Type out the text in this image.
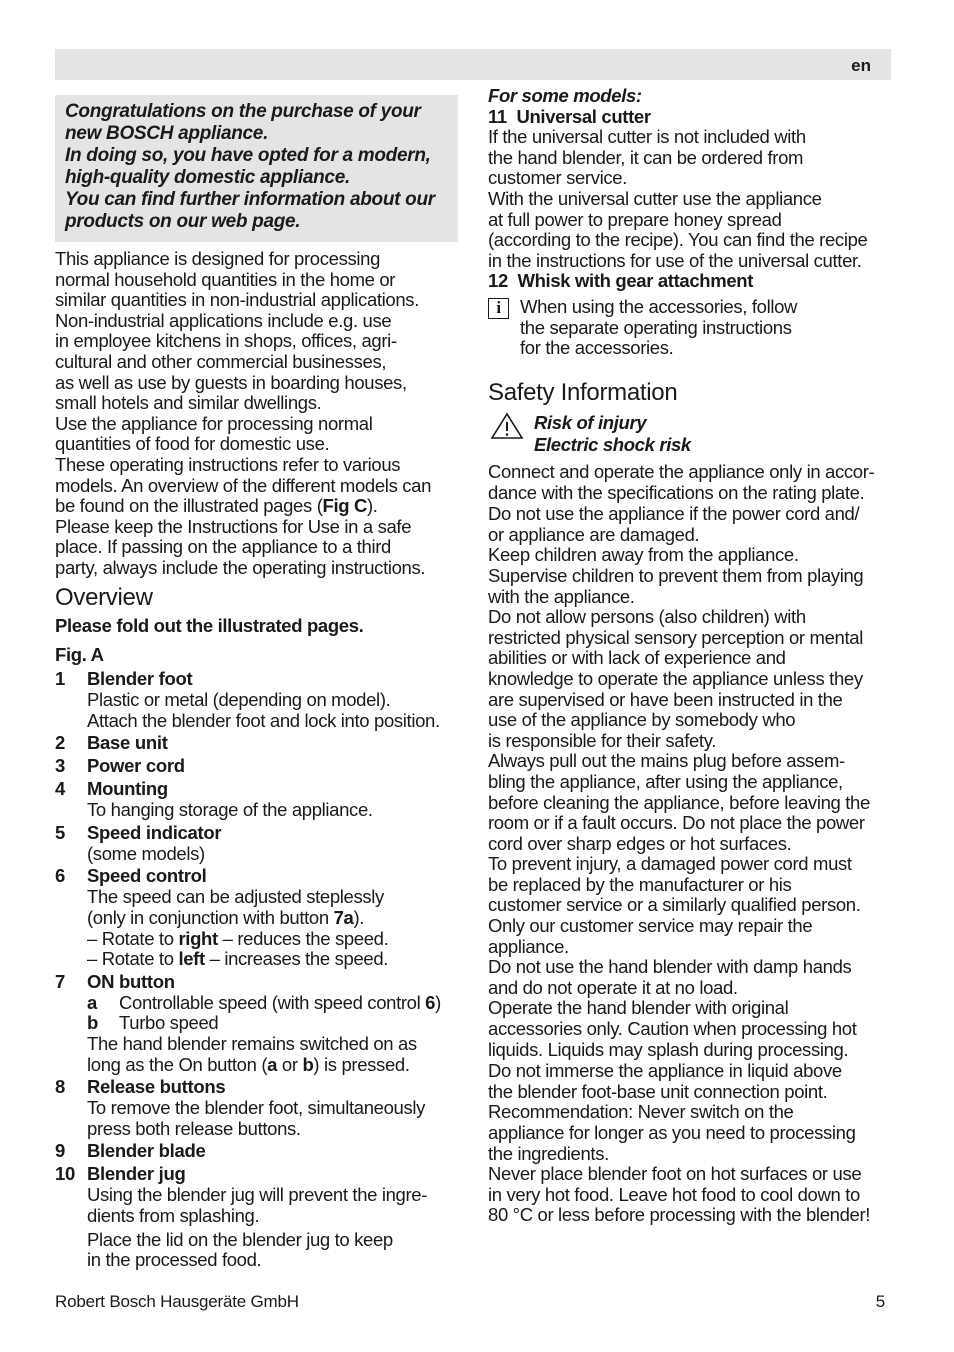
en
Congratulations on the purchase of your
new BOSCH appliance.
In doing so, you have opted for a modern,
high-quality domestic appliance.
You can find further information about our
products on our web page.
This appliance is designed for processing
normal household quantities in the home or
similar quantities in non-industrial applications.
Non-industrial applications include e.g. use
in employee kitchens in shops, offices, agri-
cultural and other commercial businesses,
as well as use by guests in boarding houses,
small hotels and similar dwellings.
Use the appliance for processing normal
quantities of food for domestic use.
These operating instructions refer to various
models. An overview of the different models can
be found on the illustrated pages (Fig C).
Please keep the Instructions for Use in a safe
place. If passing on the appliance to a third
party, always include the operating instructions.
Overview
Please fold out the illustrated pages.
Fig. A
1	Blender foot
Plastic or metal (depending on model).
Attach the blender foot and lock into position.
2	Base unit
3	Power cord
4	Mounting
To hanging storage of the appliance.
5	Speed indicator
(some models)
6	Speed control
The speed can be adjusted steplessly
(only in conjunction with button 7a).
– Rotate to right – reduces the speed.
– Rotate to left – increases the speed.
7	ON button
a	Controllable speed (with speed control 6)
b	Turbo speed
The hand blender remains switched on as
long as the On button (a or b) is pressed.
8	Release buttons
To remove the blender foot, simultaneously
press both release buttons.
9	Blender blade
10 Blender jug
Using the blender jug will prevent the ingre-
dients from splashing.
Place the lid on the blender jug to keep
in the processed food.
For some models:
11 Universal cutter
If the universal cutter is not included with
the hand blender, it can be ordered from
customer service.
With the universal cutter use the appliance
at full power to prepare honey spread
(according to the recipe). You can find the recipe
in the instructions for use of the universal cutter.
12 Whisk with gear attachment
i	When using the accessories, follow
the separate operating instructions
for the accessories.
Safety Information
Risk of injury
Electric shock risk
Connect and operate the appliance only in accor-
dance with the specifications on the rating plate.
Do not use the appliance if the power cord and/
or appliance are damaged.
Keep children away from the appliance.
Supervise children to prevent them from playing
with the appliance.
Do not allow persons (also children) with
restricted physical sensory perception or mental
abilities or with lack of experience and
knowledge to operate the appliance unless they
are supervised or have been instructed in the
use of the appliance by somebody who
is responsible for their safety.
Always pull out the mains plug before assem-
bling the appliance, after using the appliance,
before cleaning the appliance, before leaving the
room or if a fault occurs. Do not place the power
cord over sharp edges or hot surfaces.
To prevent injury, a damaged power cord must
be replaced by the manufacturer or his
customer service or a similarly qualified person.
Only our customer service may repair the
appliance.
Do not use the hand blender with damp hands
and do not operate it at no load.
Operate the hand blender with original
accessories only. Caution when processing hot
liquids. Liquids may splash during processing.
Do not immerse the appliance in liquid above
the blender foot-base unit connection point.
Recommendation: Never switch on the
appliance for longer as you need to processing
the ingredients.
Never place blender foot on hot surfaces or use
in very hot food. Leave hot food to cool down to
80 °C or less before processing with the blender!
Robert Bosch Hausgeräte GmbH	5
